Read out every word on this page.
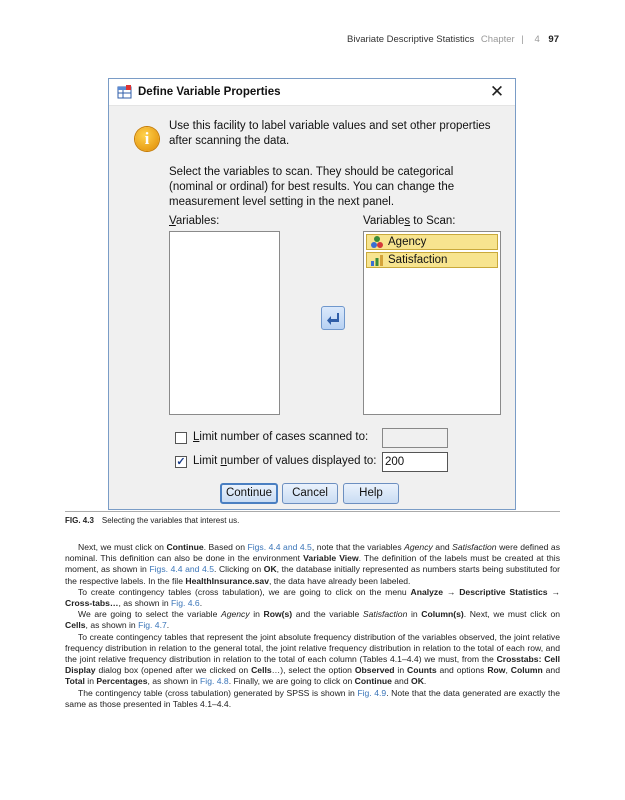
Bivariate Descriptive Statistics Chapter | 4 97
Define Variable Properties	✕
i
Use this facility to label variable values and set other properties after scanning the data.
Select the variables to scan. They should be categorical (nominal or ordinal) for best results. You can change the measurement level setting in the next panel.
Variables:	Variables to Scan:
Agency
Satisfaction
Limit number of cases scanned to:
✓ Limit number of values displayed to: 200
Continue	Cancel	Help
FIG. 4.3 Selecting the variables that interest us.

Next, we must click on Continue. Based on Figs. 4.4 and 4.5, note that the variables Agency and Satisfaction were defined as nominal. This definition can also be done in the environment Variable View. The definition of the labels must be created at this moment, as shown in Figs. 4.4 and 4.5. Clicking on OK, the database initially represented as numbers starts being substituted for the respective labels. In the file HealthInsurance.sav, the data have already been labeled.

To create contingency tables (cross tabulation), we are going to click on the menu Analyze → Descriptive Statistics → Cross-tabs…, as shown in Fig. 4.6.

We are going to select the variable Agency in Row(s) and the variable Satisfaction in Column(s). Next, we must click on Cells, as shown in Fig. 4.7.

To create contingency tables that represent the joint absolute frequency distribution of the variables observed, the joint relative frequency distribution in relation to the general total, the joint relative frequency distribution in relation to the total of each row, and the joint relative frequency distribution in relation to the total of each column (Tables 4.1–4.4) we must, from the Crosstabs: Cell Display dialog box (opened after we clicked on Cells…), select the option Observed in Counts and options Row, Column and Total in Percentages, as shown in Fig. 4.8. Finally, we are going to click on Continue and OK.

The contingency table (cross tabulation) generated by SPSS is shown in Fig. 4.9. Note that the data generated are exactly the same as those presented in Tables 4.1–4.4.
